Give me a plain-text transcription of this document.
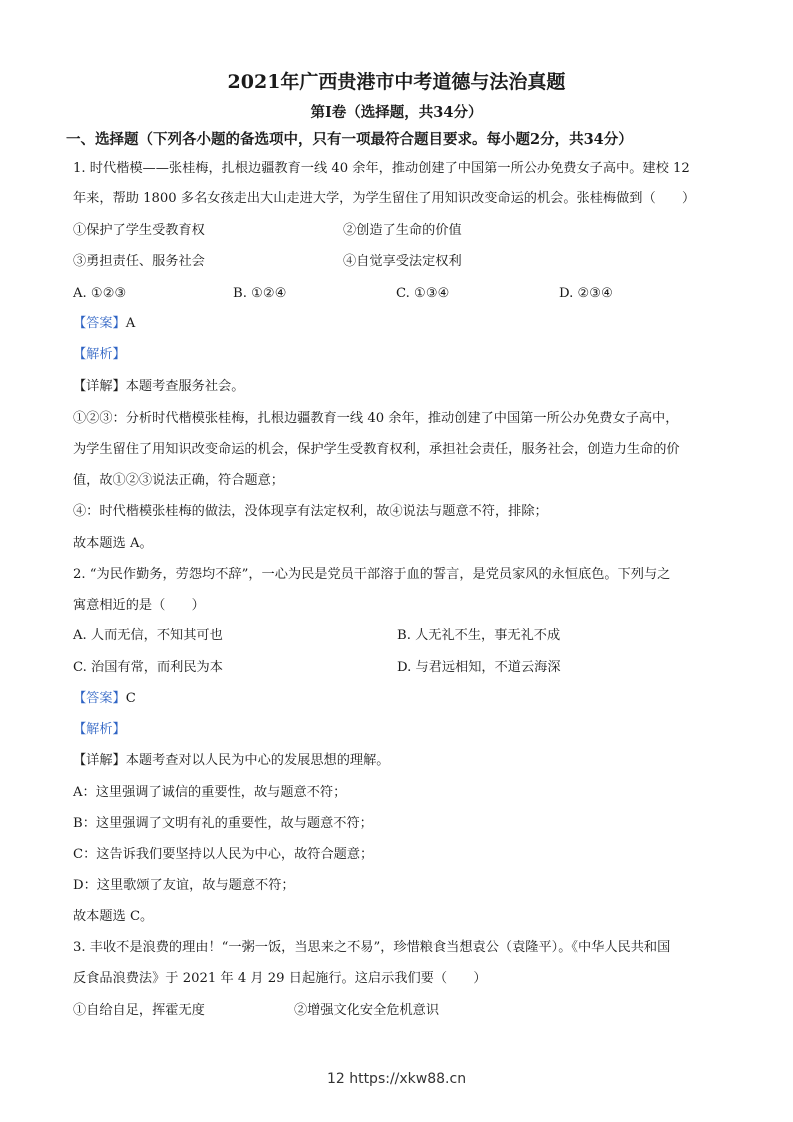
2021年广西贵港市中考道德与法治真题
第Ⅰ卷（选择题，共34分）
一、选择题（下列各小题的备选项中，只有一项最符合题目要求。每小题2分，共34分）
1. 时代楷模——张桂梅，扎根边疆教育一线 40 余年，推动创建了中国第一所公办免费女子高中。建校 12
年来，帮助 1800 多名女孩走出大山走进大学，为学生留住了用知识改变命运的机会。张桂梅做到（　　）
①保护了学生受教育权	②创造了生命的价值
③勇担责任、服务社会	④自觉享受法定权利
A. ①②③	B. ①②④	C. ①③④	D. ②③④
【答案】A
【解析】
【详解】本题考查服务社会。
①②③：分析时代楷模张桂梅，扎根边疆教育一线 40 余年，推动创建了中国第一所公办免费女子高中，
为学生留住了用知识改变命运的机会，保护学生受教育权利，承担社会责任，服务社会，创造力生命的价
值，故①②③说法正确，符合题意；
④：时代楷模张桂梅的做法，没体现享有法定权利，故④说法与题意不符，排除；
故本题选 A。
2. “为民作勤务，劳怨均不辞”，一心为民是党员干部溶于血的誓言，是党员家风的永恒底色。下列与之
寓意相近的是（　　）
A. 人而无信，不知其可也	B. 人无礼不生，事无礼不成
C. 治国有常，而利民为本	D. 与君远相知，不道云海深
【答案】C
【解析】
【详解】本题考查对以人民为中心的发展思想的理解。
A：这里强调了诚信的重要性，故与题意不符；
B：这里强调了文明有礼的重要性，故与题意不符；
C：这告诉我们要坚持以人民为中心，故符合题意；
D：这里歌颂了友谊，故与题意不符；
故本题选 C。
3. 丰收不是浪费的理由！“一粥一饭，当思来之不易”，珍惜粮食当想袁公（袁隆平）。《中华人民共和国
反食品浪费法》于 2021 年 4 月 29 日起施行。这启示我们要（　　）
①自给自足，挥霍无度	②增强文化安全危机意识
12 https://xkw88.cn
